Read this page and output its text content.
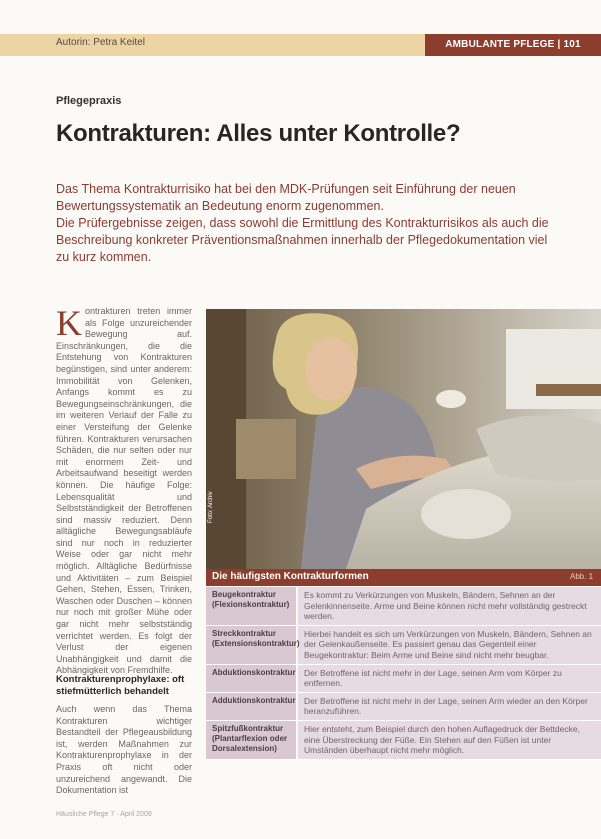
Autorin: Petra Keitel	AMBULANTE PFLEGE | 101
Pflegepraxis
Kontrakturen: Alles unter Kontrolle?

Das Thema Kontrakturrisiko hat bei den MDK-Prüfungen seit Einführung der neuen Bewertungssystematik an Bedeutung enorm zugenommen.

Die Prüfergebnisse zeigen, dass sowohl die Ermittlung des Kontrakturrisikos als auch die Beschreibung konkreter Präventionsmaßnahmen innerhalb der Pflegedokumentation viel zu kurz kommen.

Kontrakturen treten immer als Folge unzureichender Bewegung auf. Einschränkungen, die die Entstehung von Kontrakturen begünstigen, sind unter anderem: Immobilität von Gelenken, Anfangs kommt es zu Bewegungseinschränkungen, die im weiteren Verlauf der Falle zu einer Versteifung der Gelenke führen. Kontrakturen verursachen Schäden, die nur selten oder nur mit enormem Zeit- und Arbeitsaufwand beseitigt werden können. Die häufige Folge: Lebensqualität und Selbstständigkeit der Betroffenen sind massiv reduziert. Denn alltägliche Bewegungsabläufe sind nur noch in reduzierter Weise oder gar nicht mehr möglich. Alltägliche Bedürfnisse und Aktivitäten – zum Beispiel Gehen, Stehen, Essen, Trinken, Waschen oder Duschen – können nur noch mit großer Mühe oder gar nicht mehr selbstständig verrichtet werden. Es folgt der Verlust der eigenen Unabhängigkeit und damit die Abhängigkeit von Fremdhilfe.

Kontrakturenprophylaxe: oft stiefmütterlich behandelt
Auch wenn das Thema Kontrakturen wichtiger Bestandteil der Pflegeausbildung ist, werden Maßnahmen zur Kontrakturenprophylaxe in der Praxis oft nicht oder unzureichend angewandt. Die Dokumentation ist
Foto: Archiv
Die häufigsten Kontrakturformen	Abb. 1
Beugekontraktur (Flexionskontraktur)
Es kommt zu Verkürzungen von Muskeln, Bändern, Sehnen an der Gelenkinnenseite. Arme und Beine können nicht mehr vollständig gestreckt werden.
Streckkontraktur (Extensionskontraktur)
Hierbei handelt es sich um Verkürzungen von Muskeln, Bändern, Sehnen an der Gelenkaußenseite. Es passiert genau das Gegenteil einer Beugekontraktur: Beim Arme und Beine sind nicht mehr beugbar.
Abduktionskontraktur Der Betroffene ist nicht mehr in der Lage, seinen Arm vom Körper zu entfernen.
Adduktionskontraktur Der Betroffene ist nicht mehr in der Lage, seinen Arm wieder an den Körper heranzuführen.
Spitzfußkontraktur (Plantarflexion oder Dorsalextension)
Hier entsteht, zum Beispiel durch den hohen Auflagedruck der Bettdecke, eine Überstreckung der Füße. Ein Stehen auf den Füßen ist unter Umständen überhaupt nicht mehr möglich.
Häusliche Pflege 7 · April 2009
